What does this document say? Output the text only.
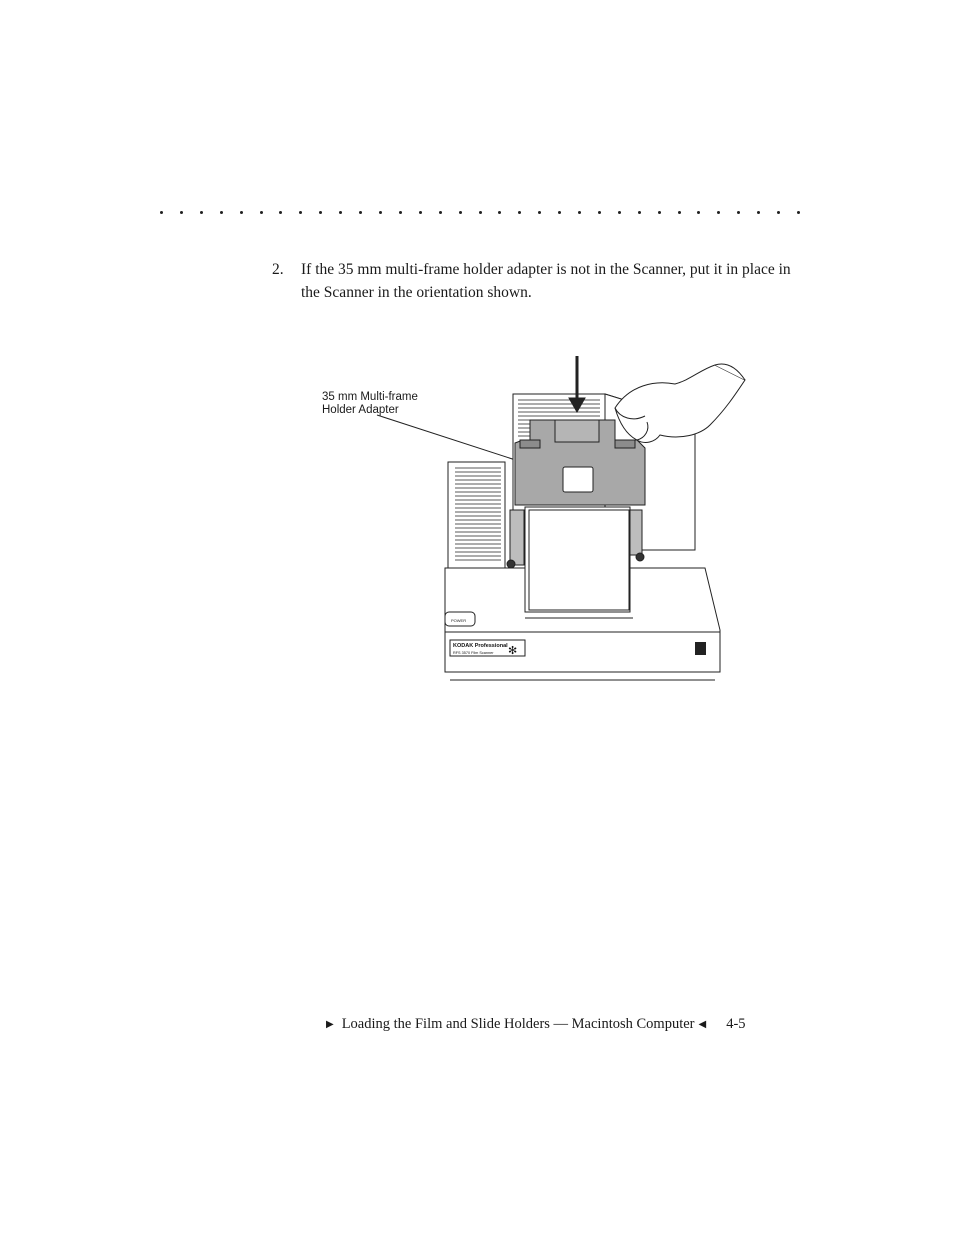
2. If the 35 mm multi-frame holder adapter is not in the Scanner, put it in place in the Scanner in the orientation shown.
35 mm Multi-frame
Holder Adapter
POWER
KODAK Professional
RFS 3570 Film Scanner ✻
▶ Loading the Film and Slide Holders — Macintosh Computer ◀ 4-5
